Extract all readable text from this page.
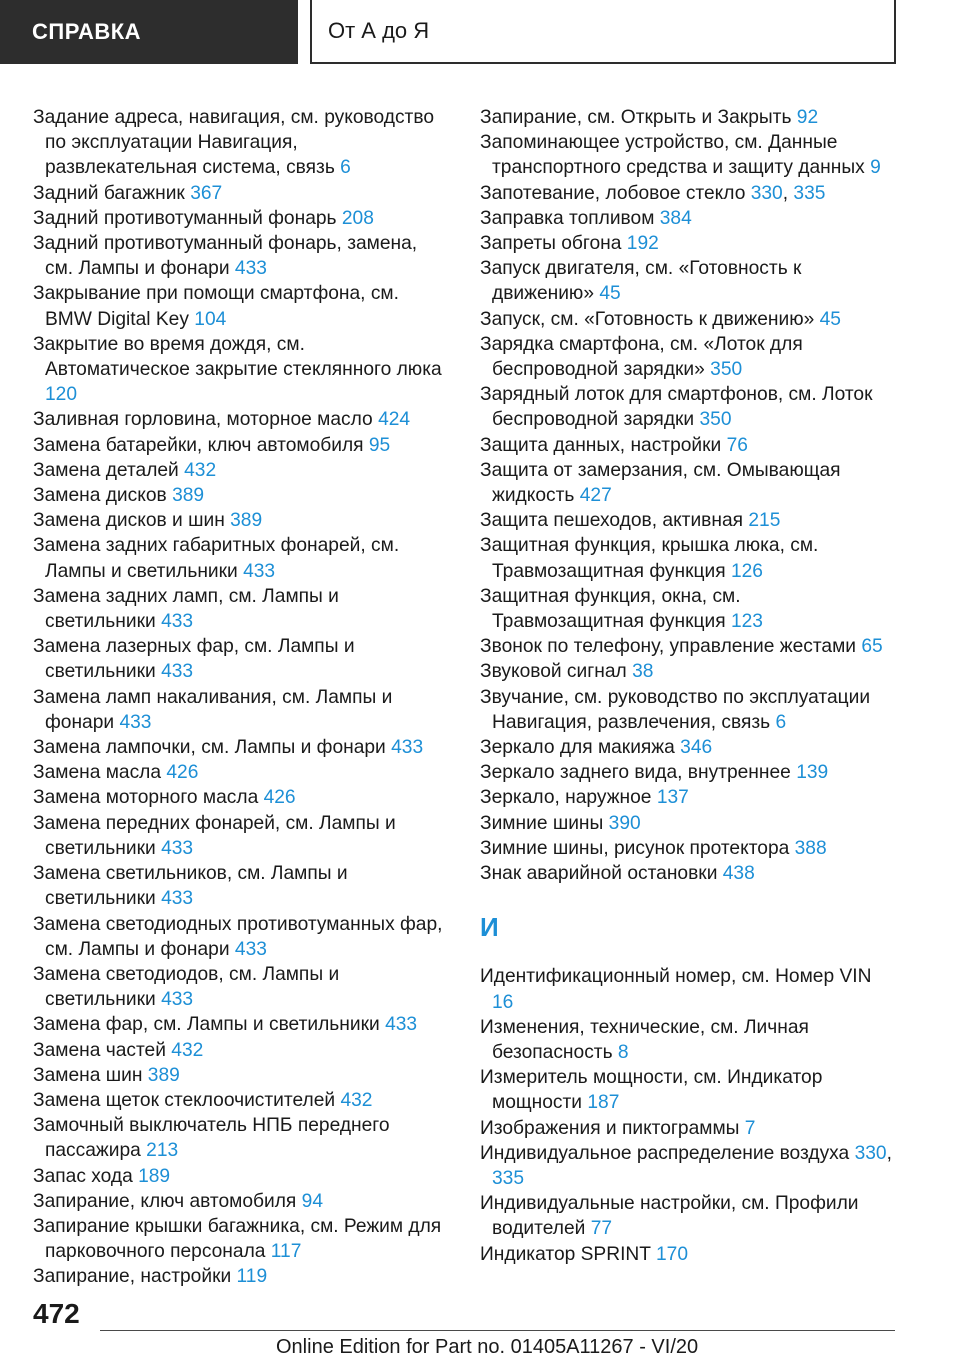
СПРАВКА	От А до Я

Задание адреса, навигация, см. руководство по эксплуатации Навигация, развлекательная система, связь 6

Задний багажник 367

Задний противотуманный фонарь 208

Задний противотуманный фонарь, замена, см. Лампы и фонари 433

Закрывание при помощи смартфона, см. BMW Digital Key 104

Закрытие во время дождя, см. Автоматическое закрытие стеклянного люка 120

Заливная горловина, моторное масло 424

Замена батарейки, ключ автомобиля 95

Замена деталей 432

Замена дисков 389

Замена дисков и шин 389

Замена задних габаритных фонарей, см. Лампы и светильники 433

Замена задних ламп, см. Лампы и светильники 433

Замена лазерных фар, см. Лампы и светильники 433

Замена ламп накаливания, см. Лампы и фонари 433

Замена лампочки, см. Лампы и фонари 433

Замена масла 426

Замена моторного масла 426

Замена передних фонарей, см. Лампы и светильники 433

Замена светильников, см. Лампы и светильники 433

Замена светодиодных противотуманных фар, см. Лампы и фонари 433

Замена светодиодов, см. Лампы и светильники 433

Замена фар, см. Лампы и светильники 433

Замена частей 432

Замена шин 389

Замена щеток стеклоочистителей 432

Замочный выключатель НПБ переднего пассажира 213

Запас хода 189

Запирание, ключ автомобиля 94

Запирание крышки багажника, см. Режим для парковочного персонала 117

Запирание, настройки 119

Запирание, см. Открыть и Закрыть 92

Запоминающее устройство, см. Данные транспортного средства и защиту данных 9

Запотевание, лобовое стекло 330, 335

Заправка топливом 384

Запреты обгона 192

Запуск двигателя, см. «Готовность к движению» 45

Запуск, см. «Готовность к движению» 45

Зарядка смартфона, см. «Лоток для беспроводной зарядки» 350

Зарядный лоток для смартфонов, см. Лоток беспроводной зарядки 350

Защита данных, настройки 76

Защита от замерзания, см. Омывающая жидкость 427

Защита пешеходов, активная 215

Защитная функция, крышка люка, см. Травмозащитная функция 126

Защитная функция, окна, см. Травмозащитная функция 123

Звонок по телефону, управление жестами 65

Звуковой сигнал 38

Звучание, см. руководство по эксплуатации Навигация, развлечения, связь 6

Зеркало для макияжа 346

Зеркало заднего вида, внутреннее 139

Зеркало, наружное 137

Зимние шины 390

Зимние шины, рисунок протектора 388

Знак аварийной остановки 438

И

Идентификационный номер, см. Номер VIN 16

Изменения, технические, см. Личная безопасность 8

Измеритель мощности, см. Индикатор мощности 187

Изображения и пиктограммы 7

Индивидуальное распределение воздуха 330, 335

Индивидуальные настройки, см. Профили водителей 77

Индикатор SPRINT 170

472
Online Edition for Part no. 01405A11267 - VI/20
